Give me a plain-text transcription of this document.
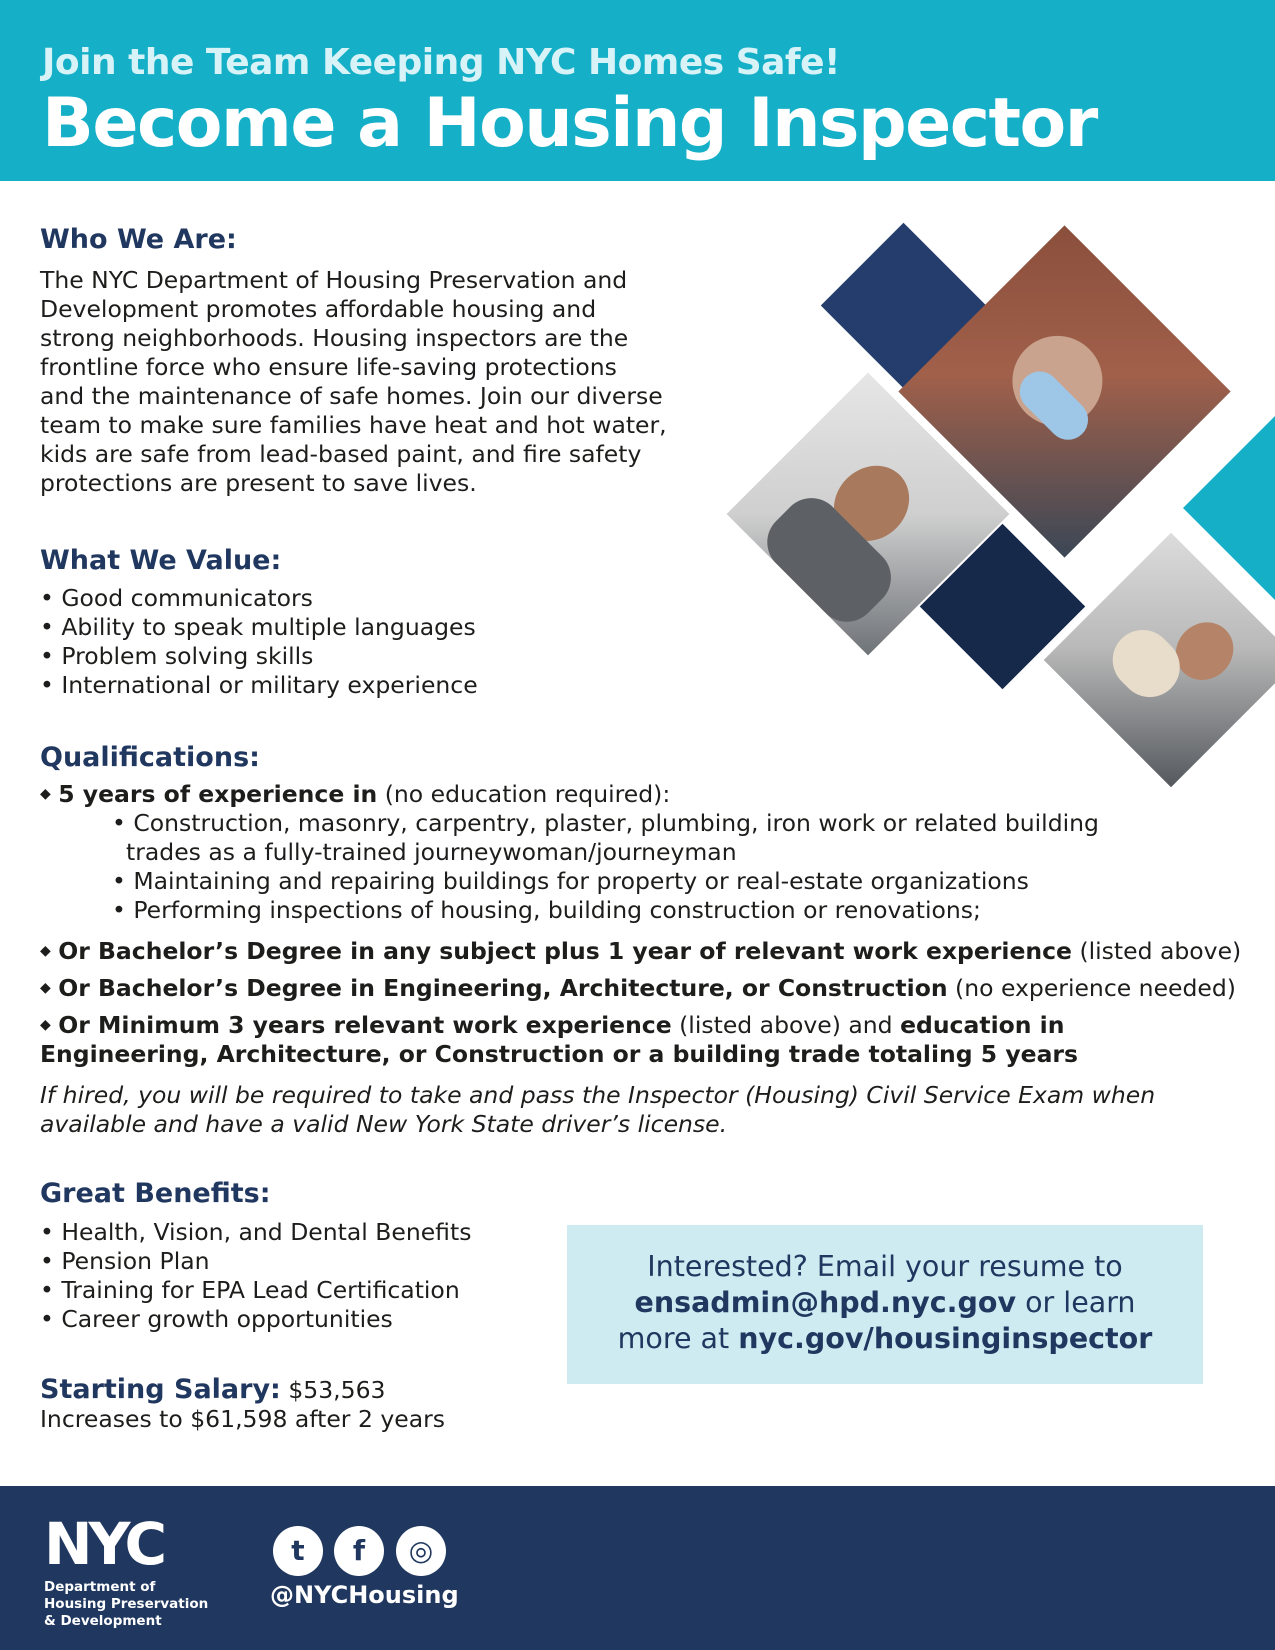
Join the Team Keeping NYC Homes Safe!
Become a Housing Inspector
Who We Are:
The NYC Department of Housing Preservation and
Development promotes affordable housing and
strong neighborhoods. Housing inspectors are the
frontline force who ensure life-saving protections
and the maintenance of safe homes. Join our diverse
team to make sure families have heat and hot water,
kids are safe from lead-based paint, and fire safety
protections are present to save lives.
What We Value:
• Good communicators
• Ability to speak multiple languages
• Problem solving skills
• International or military experience
Qualifications:
◆ 5 years of experience in (no education required):
• Construction, masonry, carpentry, plaster, plumbing, iron work or related building
trades as a fully-trained journeywoman/journeyman
• Maintaining and repairing buildings for property or real-estate organizations
• Performing inspections of housing, building construction or renovations;
◆ Or Bachelor’s Degree in any subject plus 1 year of relevant work experience (listed above)
◆ Or Bachelor’s Degree in Engineering, Architecture, or Construction (no experience needed)
◆ Or Minimum 3 years relevant work experience (listed above) and education in
Engineering, Architecture, or Construction or a building trade totaling 5 years
If hired, you will be required to take and pass the Inspector (Housing) Civil Service Exam when
available and have a valid New York State driver’s license.
Great Benefits:
• Health, Vision, and Dental Benefits
• Pension Plan
• Training for EPA Lead Certification
• Career growth opportunities
Starting Salary: $53,563
Increases to $61,598 after 2 years
Interested? Email your resume to
ensadmin@hpd.nyc.gov or learn
more at nyc.gov/housinginspector
NYC
Department of
Housing Preservation
& Development
@NYCHousing
t	f	◎
